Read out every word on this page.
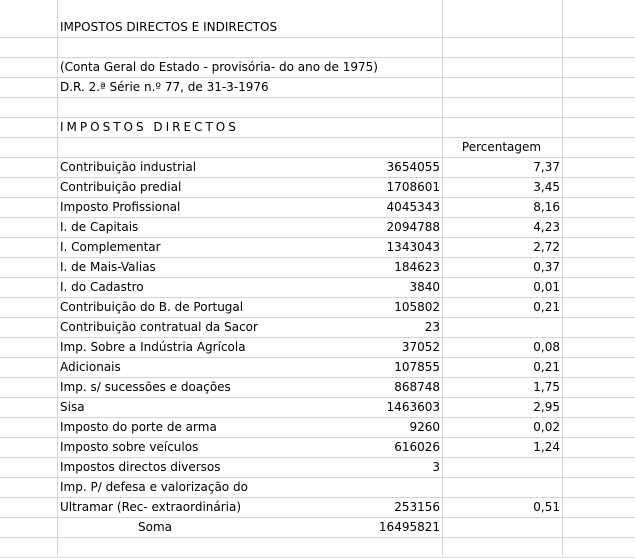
IMPOSTOS DIRECTOS E INDIRECTOS
(Conta Geral do Estado - provisória- do ano de 1975)
D.R. 2.ª Série n.º 77, de 31-3-1976
IMPOSTOS DIRECTOS
Percentagem
Contribuição industrial	3654055	7,37
Contribuição predial	1708601	3,45
Imposto Profissional	4045343	8,16
I. de Capitais	2094788	4,23
I. Complementar	1343043	2,72
I. de Mais-Valias	184623	0,37
I. do Cadastro	3840	0,01
Contribuição do B. de Portugal	105802	0,21
Contribuição contratual da Sacor	23
Imp. Sobre a Indústria Agrícola	37052	0,08
Adicionais	107855	0,21
Imp. s/ sucessões e doações	868748	1,75
Sisa	1463603	2,95
Imposto do porte de arma	9260	0,02
Imposto sobre veículos	616026	1,24
Impostos directos diversos	3
Imp. P/ defesa e valorização do
Ultramar (Rec- extraordinária)	253156	0,51
Soma	16495821
